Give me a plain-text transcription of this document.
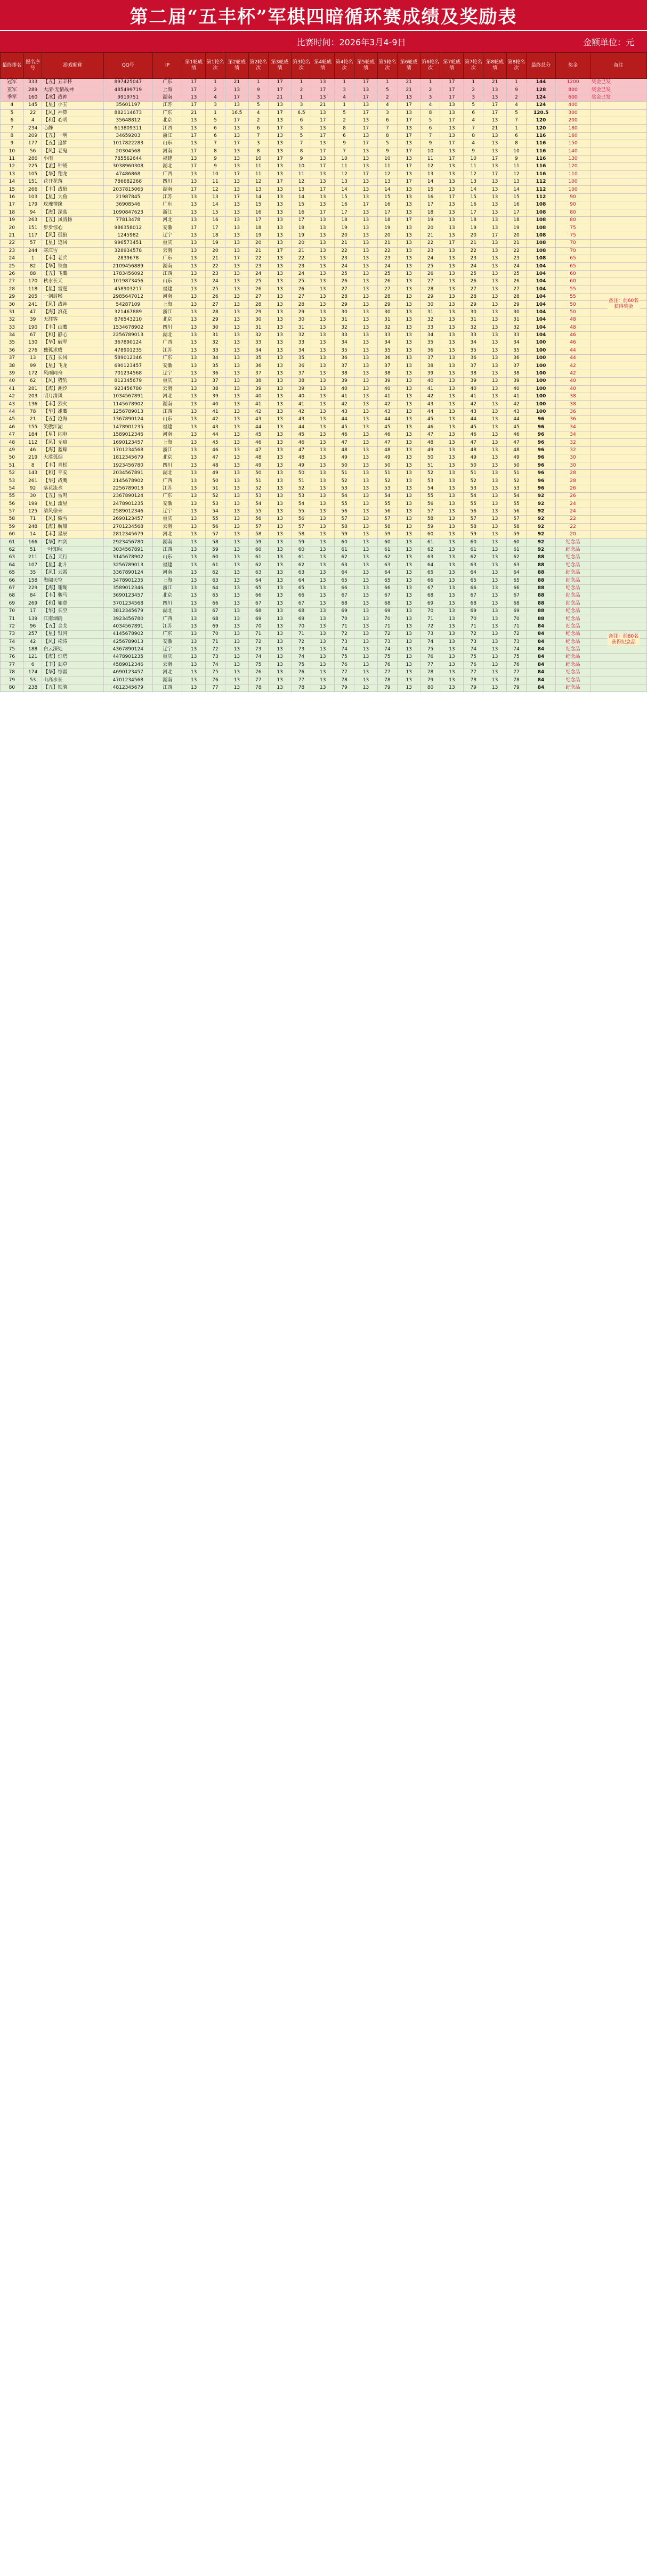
第二届“五丰杯”军棋四暗循环赛成绩及奖励表
比赛时间：2026年3月4-9日	金额单位：元
最终排名	报名序号	游戏昵称	QQ号	IP	第1轮成绩	第1轮名次	第2轮成绩	第2轮名次	第3轮成绩	第3轮名次	第4轮成绩	第4轮名次	第5轮成绩	第5轮名次	第6轮成绩	第6轮名次	第7轮成绩	第7轮名次	第8轮成绩	第8轮名次	最终总分	奖金	备注
冠军	333	【五】五丰杯	897425047	广东	17	1	21	1	17	1	13	1	17	1	21	1	17	1	21	1	144	1200	奖金已发
亚军	289	大清·无情战神	485499719	上海	17	2	13	9	17	2	17	3	13	5	21	2	17	2	13	9	128	800	奖金已发
季军	160	【冰】战神	9919751	湖南	13	4	17	3	21	1	13	4	17	2	13	3	17	3	13	2	124	600	奖金已发
4	145	【星】小五	35601197	江苏	17	3	13	5	13	3	21	1	13	4	17	4	13	5	17	4	124	400	
5	22	【风】神算	882114673	广东	21	1	16.5	4	17	6.5	13	5	17	3	13	8	13	6	17	5	120.5	300	
6	4	【和】心明	35648812	北京	13	5	17	2	13	6	17	2	13	6	17	5	17	4	13	7	120	200	
7	234	心静	613809311	江西	13	6	13	6	17	3	13	8	17	7	13	6	13	7	21	1	120	180	
8	209	【五】一明	34659203	浙江	17	6	13	7	13	5	17	6	13	8	17	7	13	8	13	6	116	160	
9	177	【五】追梦	1017822283	山东	13	7	17	3	13	7	13	9	17	5	13	9	17	4	13	8	116	150	
10	56	【风】老鬼	20304568	河南	17	8	13	8	13	8	17	7	13	9	17	10	13	9	13	10	116	140	
11	286	小雨	785562644	福建	13	9	13	10	17	9	13	10	13	10	13	11	17	10	17	9	116	130	
12	225	【孟】钟战	3038960308	湖北	17	9	13	11	13	10	17	11	13	11	17	12	13	11	13	11	116	120	
13	105	【华】翔龙	47486868	广西	13	10	17	11	13	11	13	12	17	12	13	13	13	12	17	12	116	110	
14	151	花开花落	786682268	四川	13	11	13	12	17	12	13	13	13	13	17	14	13	13	13	13	112	100	
15	266	【丰】战狼	2037815065	湖南	17	12	13	13	13	13	17	14	13	14	13	15	13	14	13	14	112	100	
16	103	【星】大鱼	21987845	江苏	13	13	17	14	13	14	13	15	13	15	13	16	17	15	13	15	112	90	
17	179	玫瑰情缘	36908546	广东	13	14	13	15	13	15	13	16	17	16	13	17	13	16	13	16	108	90	
18	94	【海】深蓝	1090847623	浙江	13	15	13	16	13	16	17	17	13	17	13	18	13	17	13	17	108	80	
19	263	【五】风清扬	77813478	河北	13	16	13	17	13	17	13	18	13	18	17	19	13	18	13	18	108	80	
20	151	步步惊心	986358012	安徽	17	17	13	18	13	18	13	19	13	19	13	20	13	19	13	19	108	75	
21	117	【风】孤狼	1245982	辽宁	13	18	13	19	13	19	13	20	13	20	13	21	13	20	17	20	108	75	
22	57	【星】追风	996573451	重庆	13	19	13	20	13	20	13	21	13	21	13	22	17	21	13	21	108	70	
23	244	寒江雪	328934578	云南	13	20	13	21	17	21	13	22	13	22	13	23	13	22	13	22	108	70	
24	1	【丰】老兵	2839678	广东	13	21	17	22	13	22	13	23	13	23	13	24	13	23	13	23	108	65	
25	82	【华】铁血	2109456889	湖南	13	22	13	23	13	23	13	24	13	24	13	25	13	24	13	24	104	65	
26	88	【五】飞鹰	1783456092	江西	13	23	13	24	13	24	13	25	13	25	13	26	13	25	13	25	104	60	
27	170	秋水长天	1019873456	山东	13	24	13	25	13	25	13	26	13	26	13	27	13	26	13	26	104	60	
28	118	【星】雷霆	458903217	福建	13	25	13	26	13	26	13	27	13	27	13	28	13	27	13	27	104	55	
29	205	一剑封喉	2985647012	河南	13	26	13	27	13	27	13	28	13	28	13	29	13	28	13	28	104	55	
30	241	【风】战神	54287109	上海	13	27	13	28	13	28	13	29	13	29	13	30	13	29	13	29	104	50	
31	47	【海】浪花	321467889	浙江	13	28	13	29	13	29	13	30	13	30	13	31	13	30	13	30	104	50	
32	39	天涯客	876543210	北京	13	29	13	30	13	30	13	31	13	31	13	32	13	31	13	31	104	48	
33	190	【丰】山鹰	1534678902	四川	13	30	13	31	13	31	13	32	13	32	13	33	13	32	13	32	104	48	
34	67	【和】静心	2256789013	湖北	13	31	13	32	13	32	13	33	13	33	13	34	13	33	13	33	104	46	
35	130	【华】破军	367890124	广西	13	32	13	33	13	33	13	34	13	34	13	35	13	34	13	34	100	46	
36	276	独孤求败	478901235	江苏	13	33	13	34	13	34	13	35	13	35	13	36	13	35	13	35	100	44	
37	13	【五】长风	589012346	广东	13	34	13	35	13	35	13	36	13	36	13	37	13	36	13	36	100	44	
38	99	【星】飞龙	690123457	安徽	13	35	13	36	13	36	13	37	13	37	13	38	13	37	13	37	100	42	
39	172	风雨同舟	701234568	辽宁	13	36	13	37	13	37	13	38	13	38	13	39	13	38	13	38	100	42	
40	62	【风】猎豹	812345679	重庆	13	37	13	38	13	38	13	39	13	39	13	40	13	39	13	39	100	40	
41	281	【海】潮汐	923456780	云南	13	38	13	39	13	39	13	40	13	40	13	41	13	40	13	40	100	40	
42	203	明月清风	1034567891	河北	13	39	13	40	13	40	13	41	13	41	13	42	13	41	13	41	100	38	
43	136	【丰】烈火	1145678902	湖南	13	40	13	41	13	41	13	42	13	42	13	43	13	42	13	42	100	38	
44	78	【华】雄鹰	1256789013	江西	13	41	13	42	13	42	13	43	13	43	13	44	13	43	13	43	100	36	
45	21	【五】沧海	1367890124	山东	13	42	13	43	13	43	13	44	13	44	13	45	13	44	13	44	96	36	
46	155	笑傲江湖	1478901235	福建	13	43	13	44	13	44	13	45	13	45	13	46	13	45	13	45	96	34	
47	184	【星】闪电	1589012346	河南	13	44	13	45	13	45	13	46	13	46	13	47	13	46	13	46	96	34	
48	112	【风】无痕	1690123457	上海	13	45	13	46	13	46	13	47	13	47	13	48	13	47	13	47	96	32	
49	46	【海】蓝鲸	1701234568	浙江	13	46	13	47	13	47	13	48	13	48	13	49	13	48	13	48	96	32	
50	219	大漠孤烟	1812345679	北京	13	47	13	48	13	48	13	49	13	49	13	50	13	49	13	49	96	30	
51	8	【丰】青松	1923456780	四川	13	48	13	49	13	49	13	50	13	50	13	51	13	50	13	50	96	30	
52	143	【和】平安	2034567891	湖北	13	49	13	50	13	50	13	51	13	51	13	52	13	51	13	51	96	28	
53	261	【华】战鹰	2145678902	广西	13	50	13	51	13	51	13	52	13	52	13	53	13	52	13	52	96	28	
54	92	落花流水	2256789013	江苏	13	51	13	52	13	52	13	53	13	53	13	54	13	53	13	53	96	26	
55	30	【五】雷鸣	2367890124	广东	13	52	13	53	13	53	13	54	13	54	13	55	13	54	13	54	92	26	
56	199	【星】流星	2478901235	安徽	13	53	13	54	13	54	13	55	13	55	13	56	13	55	13	55	92	24	
57	125	清风徐来	2589012346	辽宁	13	54	13	55	13	55	13	56	13	56	13	57	13	56	13	56	92	24	
58	71	【风】傲雪	2690123457	重庆	13	55	13	56	13	56	13	57	13	57	13	58	13	57	13	57	92	22	
59	248	【海】航船	2701234568	云南	13	56	13	57	13	57	13	58	13	58	13	59	13	58	13	58	92	22	
60	14	【丰】星辰	2812345679	河北	13	57	13	58	13	58	13	59	13	59	13	60	13	59	13	59	92	20	
61	166	【华】神剑	2923456780	湖南	13	58	13	59	13	59	13	60	13	60	13	61	13	60	13	60	92	纪念品	
62	51	一叶知秋	3034567891	江西	13	59	13	60	13	60	13	61	13	61	13	62	13	61	13	61	92	纪念品	
63	211	【五】天行	3145678902	山东	13	60	13	61	13	61	13	62	13	62	13	63	13	62	13	62	88	纪念品	
64	107	【星】北斗	3256789013	福建	13	61	13	62	13	62	13	63	13	63	13	64	13	63	13	63	88	纪念品	
65	35	【风】云霄	3367890124	河南	13	62	13	63	13	63	13	64	13	64	13	65	13	64	13	64	88	纪念品	
66	158	海阔天空	3478901235	上海	13	63	13	64	13	64	13	65	13	65	13	66	13	65	13	65	88	纪念品	
67	229	【海】珊瑚	3589012346	浙江	13	64	13	65	13	65	13	66	13	66	13	67	13	66	13	66	88	纪念品	
68	84	【丰】骏马	3690123457	北京	13	65	13	66	13	66	13	67	13	67	13	68	13	67	13	67	88	纪念品	
69	269	【和】如意	3701234568	四川	13	66	13	67	13	67	13	68	13	68	13	69	13	68	13	68	88	纪念品	
70	17	【华】长空	3812345679	湖北	13	67	13	68	13	68	13	69	13	69	13	70	13	69	13	69	88	纪念品	
71	139	江南烟雨	3923456780	广西	13	68	13	69	13	69	13	70	13	70	13	71	13	70	13	70	88	纪念品	
72	96	【五】金戈	4034567891	江苏	13	69	13	70	13	70	13	71	13	71	13	72	13	71	13	71	84	纪念品	
73	257	【星】银河	4145678902	广东	13	70	13	71	13	71	13	72	13	72	13	73	13	72	13	72	84	纪念品	
74	42	【风】松涛	4256789013	安徽	13	71	13	72	13	72	13	73	13	73	13	74	13	73	13	73	84	纪念品	
75	188	白云深处	4367890124	辽宁	13	72	13	73	13	73	13	74	13	74	13	75	13	74	13	74	84	纪念品	
76	121	【海】灯塔	4478901235	重庆	13	73	13	74	13	74	13	75	13	75	13	76	13	75	13	75	84	纪念品	
77	6	【丰】劲草	4589012346	云南	13	74	13	75	13	75	13	76	13	76	13	77	13	76	13	76	84	纪念品	
78	174	【华】惊雷	4690123457	河北	13	75	13	76	13	76	13	77	13	77	13	78	13	77	13	77	84	纪念品	
79	53	山高水长	4701234568	湖南	13	76	13	77	13	77	13	78	13	78	13	79	13	78	13	78	84	纪念品	
80	238	【五】铁骑	4812345679	江西	13	77	13	78	13	78	13	79	13	79	13	80	13	79	13	79	84	纪念品	
备注：前60名获得奖金
备注：前80名获得纪念品
